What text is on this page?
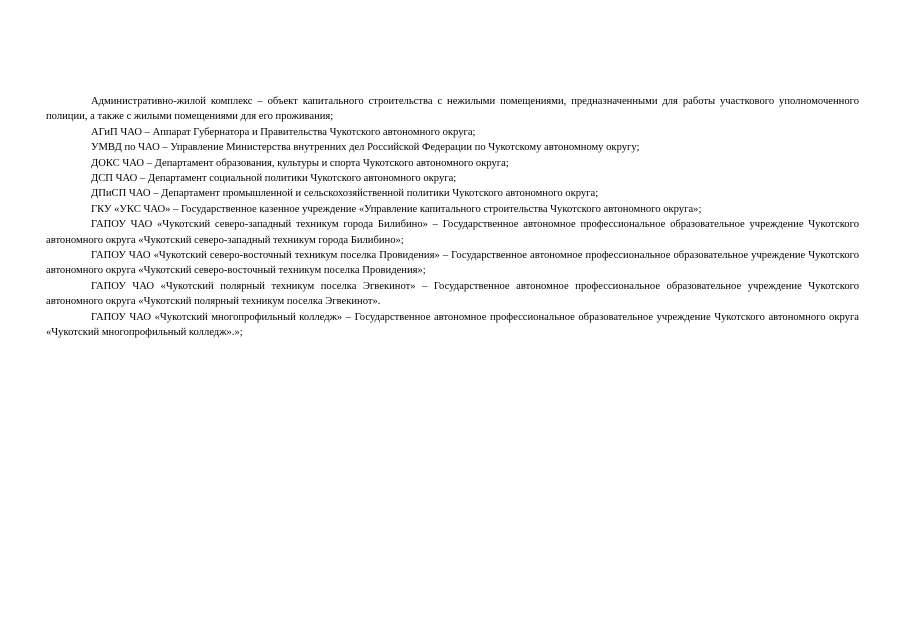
Административно-жилой комплекс – объект капитального строительства с нежилыми помещениями, предназначенными для работы участкового уполномоченного полиции, а также с жилыми помещениями для его проживания;

АГиП ЧАО – Аппарат Губернатора и Правительства Чукотского автономного округа;

УМВД по ЧАО – Управление Министерства внутренних дел Российской Федерации по Чукотскому автономному округу;

ДОКС ЧАО – Департамент образования, культуры и спорта Чукотского автономного округа;

ДСП ЧАО – Департамент социальной политики Чукотского автономного округа;

ДПиСП ЧАО – Департамент промышленной и сельскохозяйственной политики Чукотского автономного округа;

ГКУ «УКС ЧАО» – Государственное казенное учреждение «Управление капитального строительства Чукотского автономного округа»;

ГАПОУ ЧАО «Чукотский северо-западный техникум города Билибино» – Государственное автономное профессиональное образовательное учреждение Чукотского автономного округа «Чукотский северо-западный техникум города Билибино»;

ГАПОУ ЧАО «Чукотский северо-восточный техникум поселка Провидения» – Государственное автономное профессиональное образовательное учреждение Чукотского автономного округа «Чукотский северо-восточный техникум поселка Провидения»;

ГАПОУ ЧАО «Чукотский полярный техникум поселка Эгвекинот» – Государственное автономное профессиональное образовательное учреждение Чукотского автономного округа «Чукотский полярный техникум поселка Эгвекинот».

ГАПОУ ЧАО «Чукотский многопрофильный колледж» – Государственное автономное профессиональное образовательное учреждение Чукотского автономного округа «Чукотский многопрофильный колледж».»;
